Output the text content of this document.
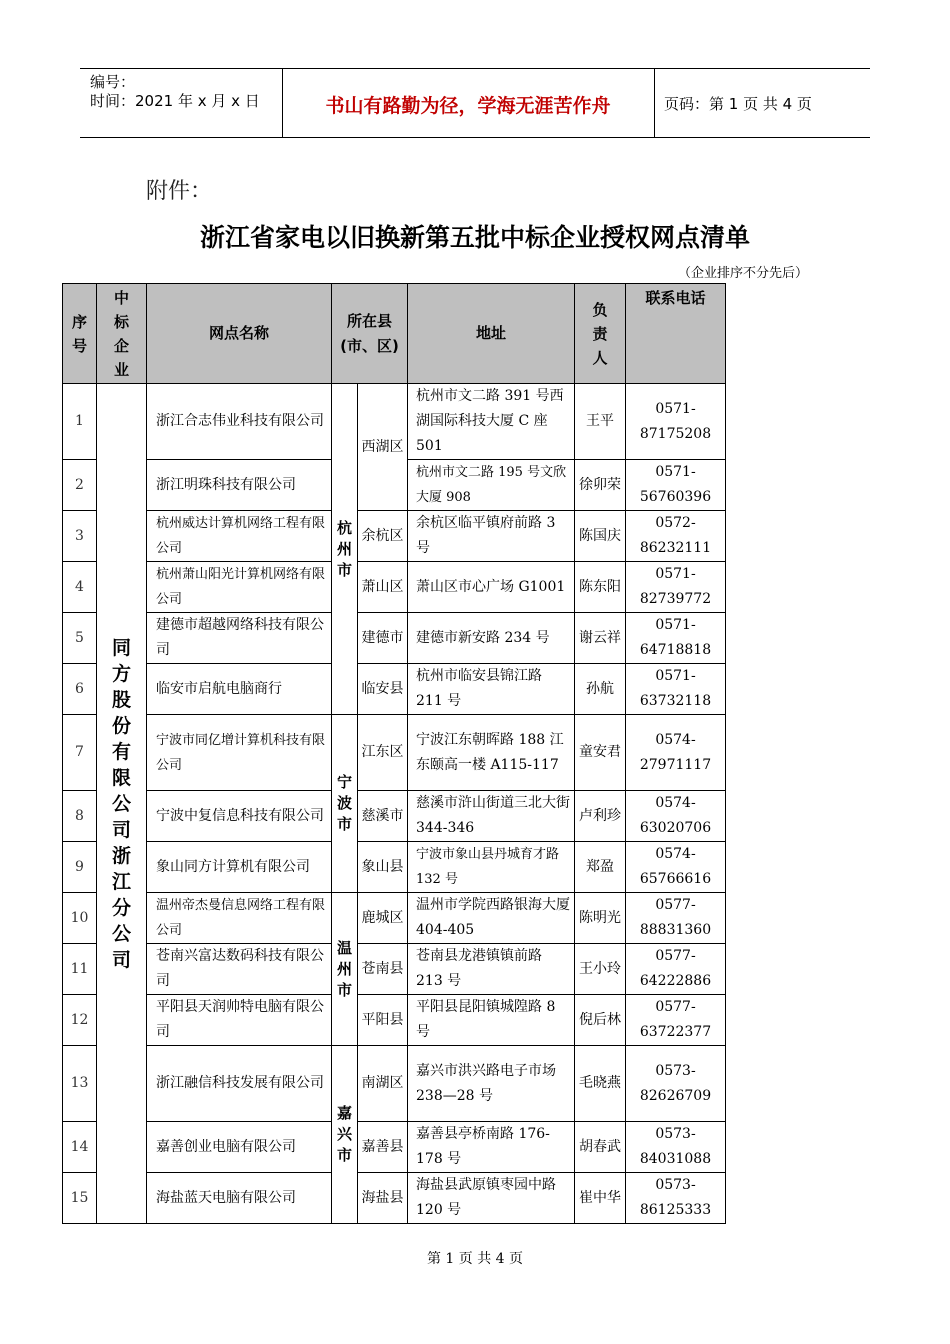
编号：
时间：2021 年 x 月 x 日	书山有路勤为径，学海无涯苦作舟	页码：第 1 页 共 4 页
附件：
浙江省家电以旧换新第五批中标企业授权网点清单
（企业排序不分先后）
序号	中标企业	网点名称	所在县(市、区)		地址	负责人	联系电话
1	同方股份有限公司浙江分公司	浙江合志伟业科技有限公司	杭州市	西湖区	杭州市文二路 391 号西湖国际科技大厦 C 座 501	王平	0571-87175208
2		浙江明珠科技有限公司			杭州市文二路 195 号文欣大厦 908	徐卯荣	0571-56760396
3		杭州威达计算机网络工程有限公司		余杭区	余杭区临平镇府前路 3 号	陈国庆	0572-86232111
4		杭州萧山阳光计算机网络有限公司		萧山区	萧山区市心广场 G1001	陈东阳	0571-82739772
5		建德市超越网络科技有限公司		建德市	建德市新安路 234 号	谢云祥	0571-64718818
6		临安市启航电脑商行		临安县	杭州市临安县锦江路 211 号	孙航	0571-63732118
7		宁波市同亿增计算机科技有限公司	宁波市	江东区	宁波江东朝晖路 188 江东颐高一楼 A115-117	童安君	0574-27971117
8		宁波中复信息科技有限公司		慈溪市	慈溪市浒山街道三北大街 344-346	卢利珍	0574-63020706
9		象山同方计算机有限公司		象山县	宁波市象山县丹城育才路 132 号	郑盈	0574-65766616
10		温州帝杰曼信息网络工程有限公司	温州市	鹿城区	温州市学院西路银海大厦 404-405	陈明光	0577-88831360
11		苍南兴富达数码科技有限公司		苍南县	苍南县龙港镇镇前路 213 号	王小玲	0577-64222886
12		平阳县天润帅特电脑有限公司		平阳县	平阳县昆阳镇城隍路 8 号	倪后林	0577-63722377
13		浙江融信科技发展有限公司	嘉兴市	南湖区	嘉兴市洪兴路电子市场 238—28 号	毛晓燕	0573-82626709
14		嘉善创业电脑有限公司		嘉善县	嘉善县亭桥南路 176-178 号	胡春武	0573-84031088
15		海盐蓝天电脑有限公司		海盐县	海盐县武原镇枣园中路 120 号	崔中华	0573-86125333
第 1 页 共 4 页
